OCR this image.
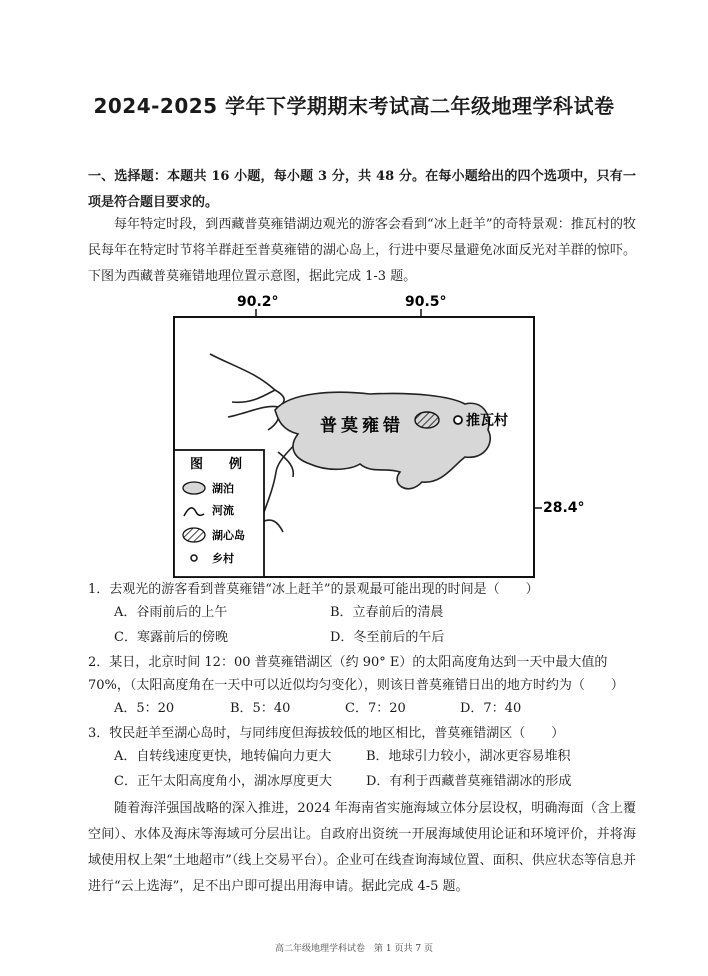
2024-2025 学年下学期期末考试高二年级地理学科试卷
一、选择题：本题共 16 小题，每小题 3 分，共 48 分。在每小题给出的四个选项中，只有一项是符合题目要求的。
每年特定时段，到西藏普莫雍错湖边观光的游客会看到“冰上赶羊”的奇特景观：推瓦村的牧民每年在特定时节将羊群赶至普莫雍错的湖心岛上，行进中要尽量避免冰面反光对羊群的惊吓。下图为西藏普莫雍错地理位置示意图，据此完成 1-3 题。
90.2°	90.5°
28.4°
普莫雍错	推瓦村
图　　例
湖泊
河流
湖心岛
乡村
1．去观光的游客看到普莫雍错“冰上赶羊”的景观最可能出现的时间是（　　）
A．谷雨前后的上午	B．立春前后的清晨
C．寒露前后的傍晚	D．冬至前后的午后
2．某日，北京时间 12：00 普莫雍错湖区（约 90° E）的太阳高度角达到一天中最大值的 70%，（太阳高度角在一天中可以近似均匀变化），则该日普莫雍错日出的地方时约为（　　）
A．5：20	B．5：40	C．7：20	D．7：40
3．牧民赶羊至湖心岛时，与同纬度但海拔较低的地区相比，普莫雍错湖区（　　）
A．自转线速度更快，地转偏向力更大	B．地球引力较小，湖冰更容易堆积
C．正午太阳高度角小，湖冰厚度更大	D．有利于西藏普莫雍错湖冰的形成
随着海洋强国战略的深入推进，2024 年海南省实施海域立体分层设权，明确海面（含上覆空间）、水体及海床等海域可分层出让。自政府出资统一开展海域使用论证和环境评价，并将海域使用权上架“土地超市”（线上交易平台）。企业可在线查询海域位置、面积、供应状态等信息并进行“云上选海”，足不出户即可提出用海申请。据此完成 4-5 题。
高二年级地理学科试卷　第 1 页共 7 页
